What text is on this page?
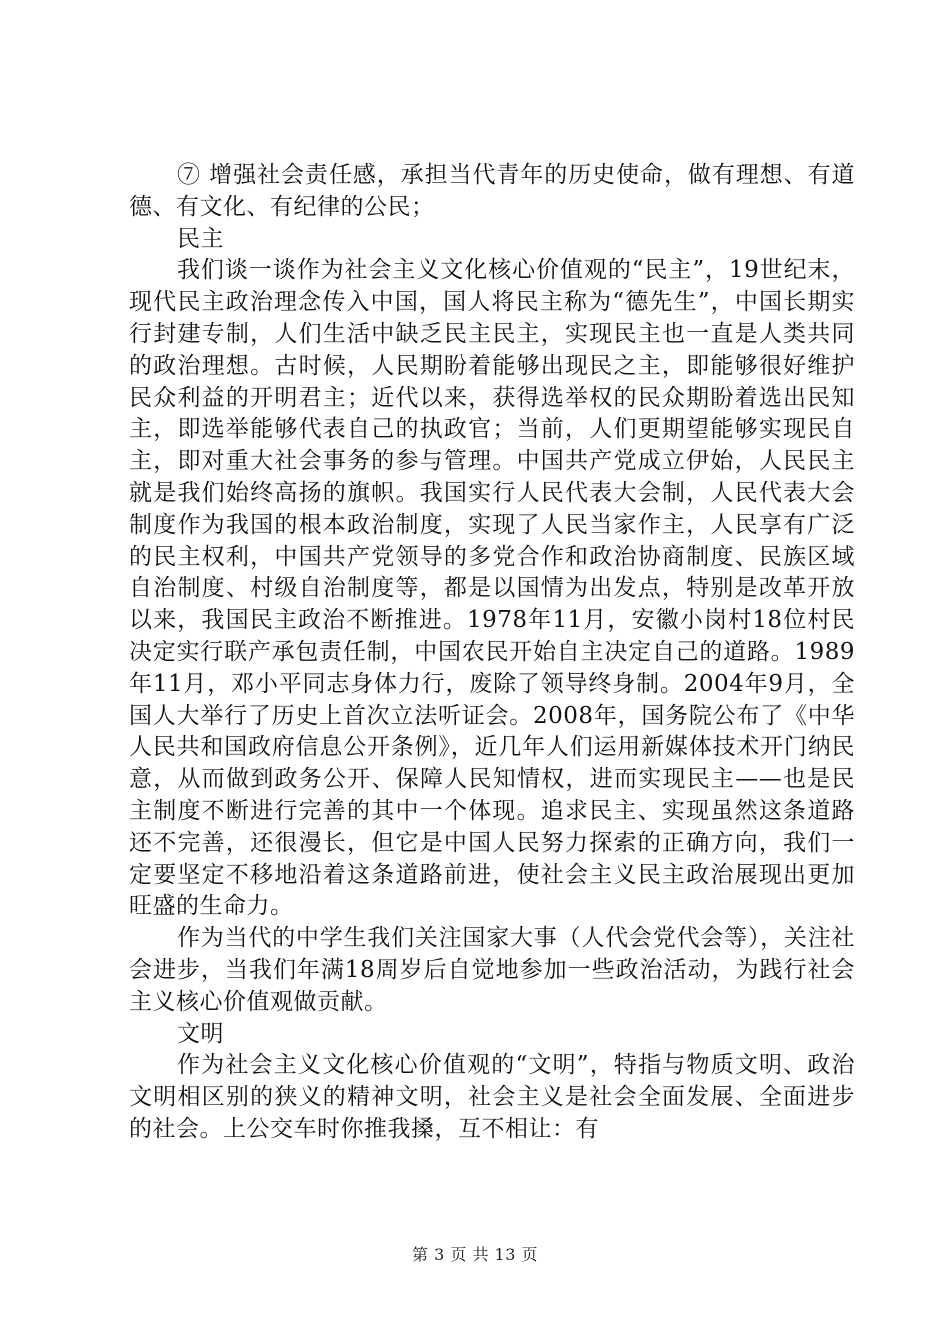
⑦ 增强社会责任感，承担当代青年的历史使命，做有理想、有道德、有文化、有纪律的公民；

民主

我们谈一谈作为社会主义文化核心价值观的“民主”，19世纪末，现代民主政治理念传入中国，国人将民主称为“德先生”，中国长期实行封建专制，人们生活中缺乏民主民主，实现民主也一直是人类共同的政治理想。古时候，人民期盼着能够出现民之主，即能够很好维护民众利益的开明君主；近代以来，获得选举权的民众期盼着选出民知主，即选举能够代表自己的执政官；当前，人们更期望能够实现民自主，即对重大社会事务的参与管理。中国共产党成立伊始，人民民主就是我们始终高扬的旗帜。我国实行人民代表大会制，人民代表大会制度作为我国的根本政治制度，实现了人民当家作主，人民享有广泛的民主权利，中国共产党领导的多党合作和政治协商制度、民族区域自治制度、村级自治制度等，都是以国情为出发点，特别是改革开放以来，我国民主政治不断推进。1978年11月，安徽小岗村18位村民决定实行联产承包责任制，中国农民开始自主决定自己的道路。1989年11月，邓小平同志身体力行，废除了领导终身制。2004年9月，全国人大举行了历史上首次立法听证会。2008年，国务院公布了《中华人民共和国政府信息公开条例》，近几年人们运用新媒体技术开门纳民意，从而做到政务公开、保障人民知情权，进而实现民主——也是民主制度不断进行完善的其中一个体现。追求民主、实现虽然这条道路还不完善，还很漫长，但它是中国人民努力探索的正确方向，我们一定要坚定不移地沿着这条道路前进，使社会主义民主政治展现出更加旺盛的生命力。

作为当代的中学生我们关注国家大事（人代会党代会等），关注社会进步，当我们年满18周岁后自觉地参加一些政治活动，为践行社会主义核心价值观做贡献。

文明

作为社会主义文化核心价值观的“文明”，特指与物质文明、政治文明相区别的狭义的精神文明，社会主义是社会全面发展、全面进步的社会。上公交车时你推我搡，互不相让：有

第 3 页 共 13 页
